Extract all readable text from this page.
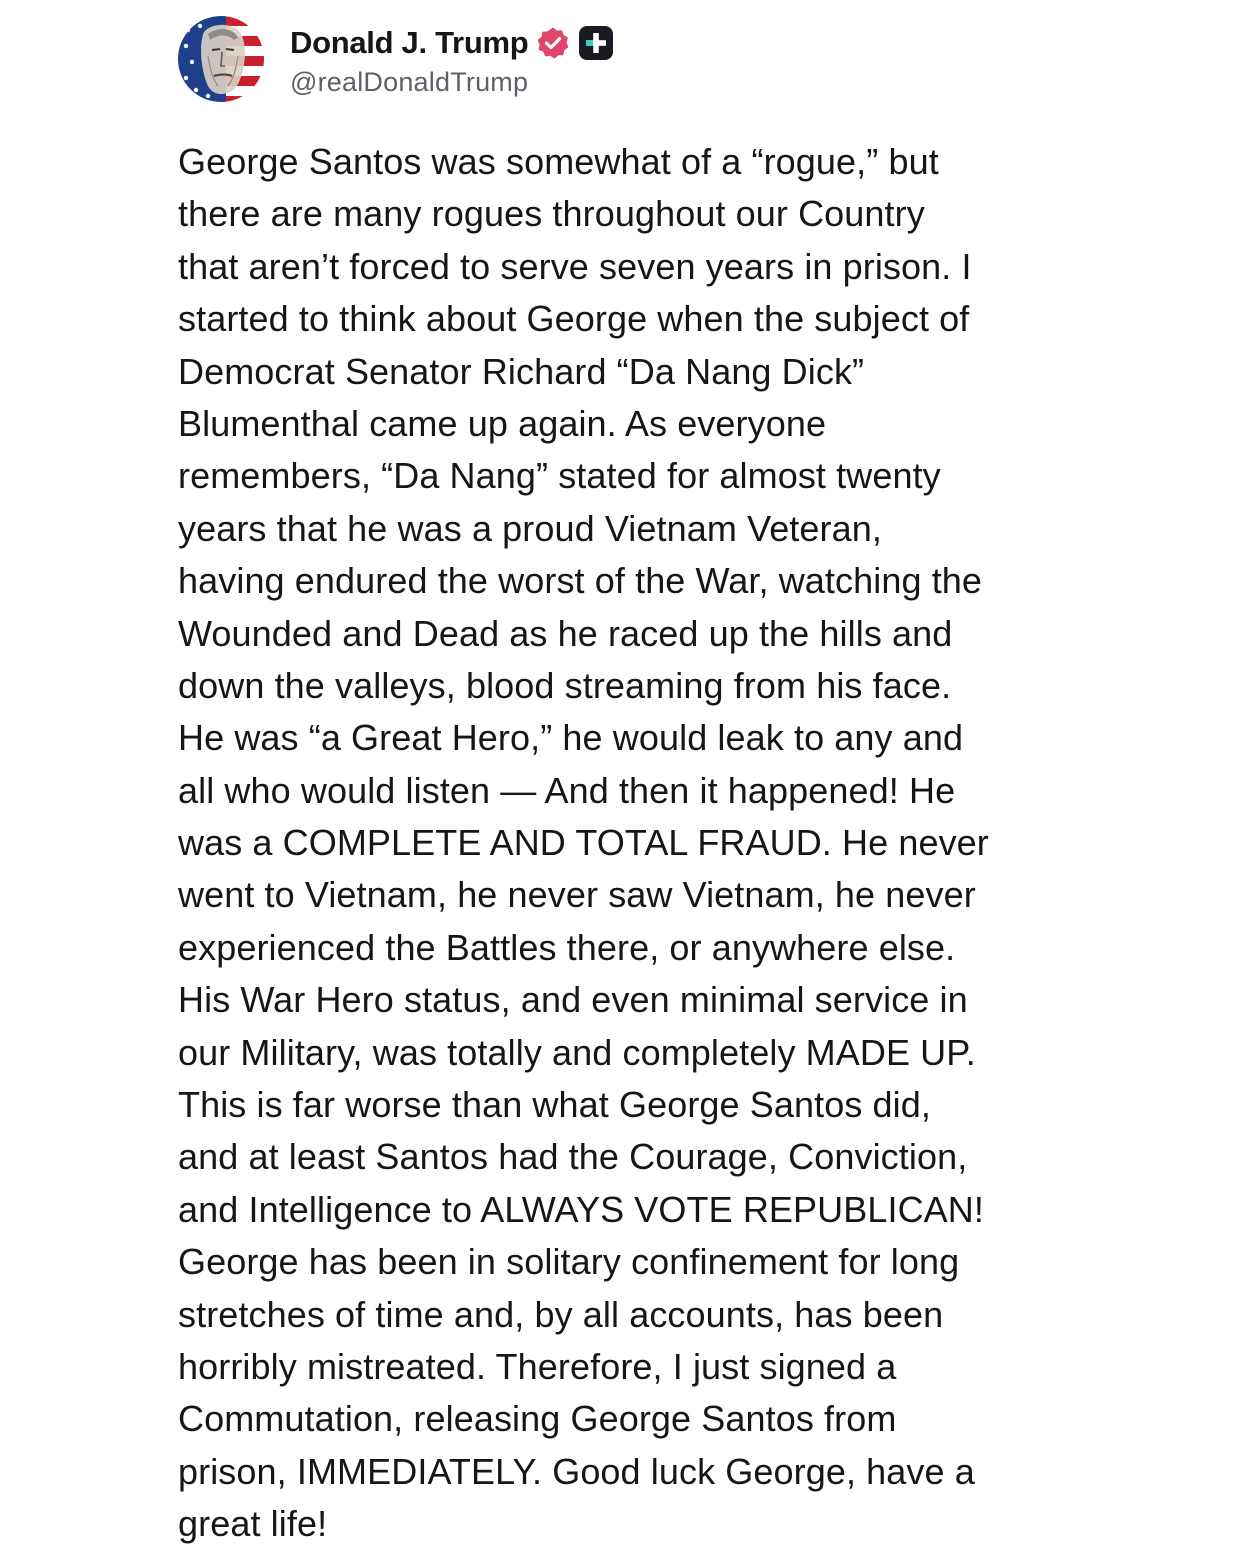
Donald J. Trump
@realDonaldTrump
George Santos was somewhat of a “rogue,” but
there are many rogues throughout our Country
that aren’t forced to serve seven years in prison. I
started to think about George when the subject of
Democrat Senator Richard “Da Nang Dick”
Blumenthal came up again. As everyone
remembers, “Da Nang” stated for almost twenty
years that he was a proud Vietnam Veteran,
having endured the worst of the War, watching the
Wounded and Dead as he raced up the hills and
down the valleys, blood streaming from his face.
He was “a Great Hero,” he would leak to any and
all who would listen — And then it happened! He
was a COMPLETE AND TOTAL FRAUD. He never
went to Vietnam, he never saw Vietnam, he never
experienced the Battles there, or anywhere else.
His War Hero status, and even minimal service in
our Military, was totally and completely MADE UP.
This is far worse than what George Santos did,
and at least Santos had the Courage, Conviction,
and Intelligence to ALWAYS VOTE REPUBLICAN!
George has been in solitary confinement for long
stretches of time and, by all accounts, has been
horribly mistreated. Therefore, I just signed a
Commutation, releasing George Santos from
prison, IMMEDIATELY. Good luck George, have a
great life!
